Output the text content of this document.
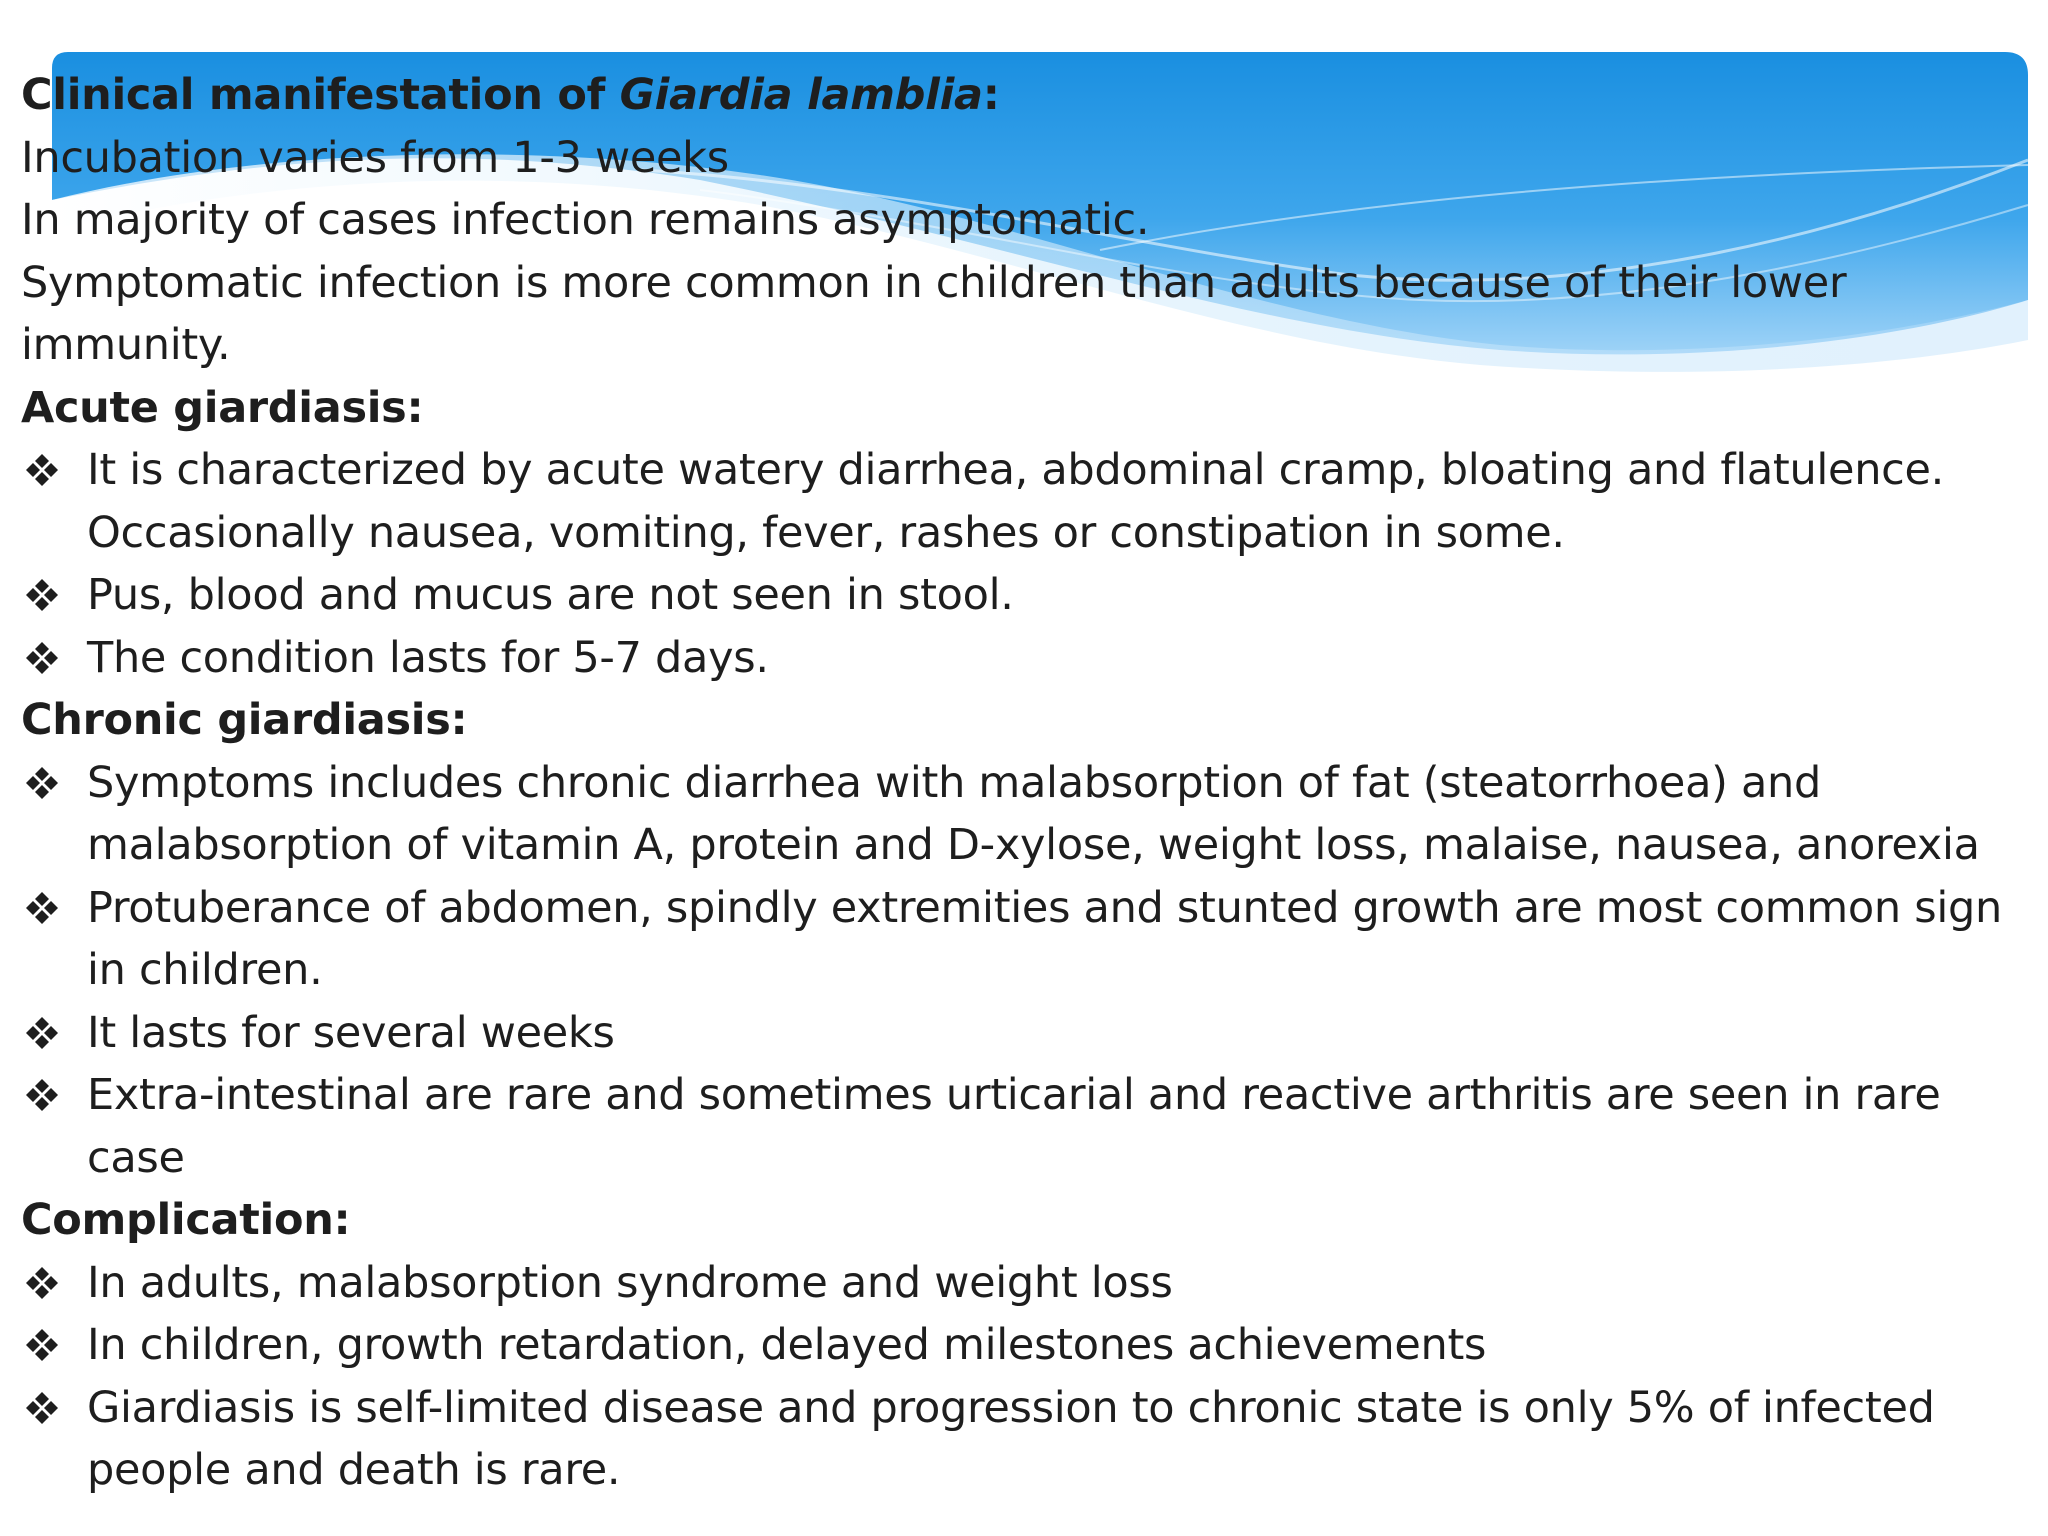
Clinical manifestation of Giardia lamblia:

Incubation varies from 1-3 weeks

In majority of cases infection remains asymptomatic.

Symptomatic infection is more common in children than adults because of their lower

immunity.

Acute giardiasis:

It is characterized by acute watery diarrhea, abdominal cramp, bloating and flatulence. Occasionally nausea, vomiting, fever, rashes or constipation in some.
Pus, blood and mucus are not seen in stool.
The condition lasts for 5-7 days.

Chronic giardiasis:

Symptoms includes chronic diarrhea with malabsorption of fat (steatorrhoea) and malabsorption of vitamin A, protein and D-xylose, weight loss, malaise, nausea, anorexia
Protuberance of abdomen, spindly extremities and stunted growth are most common sign in children.
It lasts for several weeks
Extra-intestinal are rare and sometimes urticarial and reactive arthritis are seen in rare case

Complication:

In adults, malabsorption syndrome and weight loss
In children, growth retardation, delayed milestones achievements
Giardiasis is self-limited disease and progression to chronic state is only 5% of infected people and death is rare.
